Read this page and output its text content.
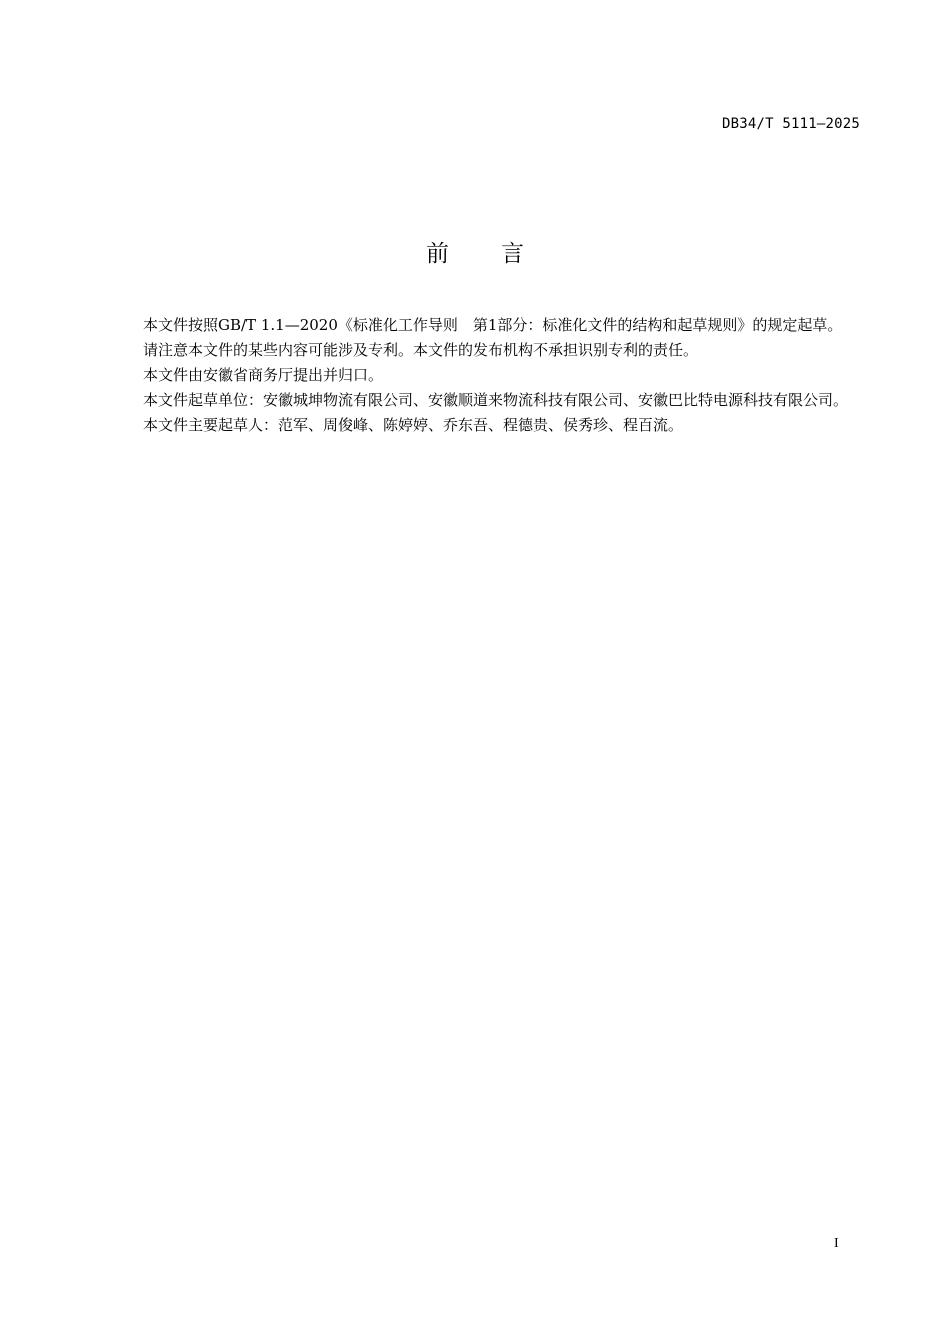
DB34/T 5111—2025
前言

本文件按照GB/T 1.1—2020《标准化工作导则　第1部分：标准化文件的结构和起草规则》的规定起草。

请注意本文件的某些内容可能涉及专利。本文件的发布机构不承担识别专利的责任。

本文件由安徽省商务厅提出并归口。

本文件起草单位：安徽城坤物流有限公司、安徽顺道来物流科技有限公司、安徽巴比特电源科技有限公司。

本文件主要起草人：范军、周俊峰、陈婷婷、乔东吾、程德贵、侯秀珍、程百流。

I
